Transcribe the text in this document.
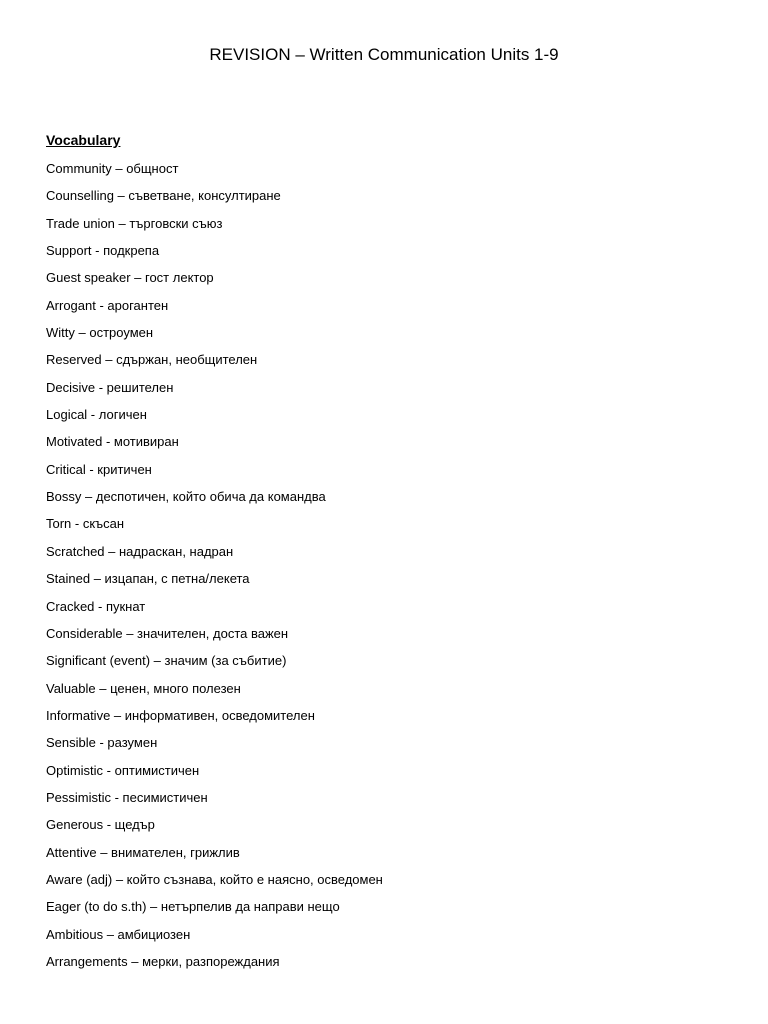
REVISION – Written Communication Units 1-9
Vocabulary
Community – общност
Counselling – съветване, консултиране
Trade union – търговски съюз
Support - подкрепа
Guest speaker – гост лектор
Arrogant - арогантен
Witty – остроумен
Reserved – сдържан, необщителен
Decisive - решителен
Logical - логичен
Motivated - мотивиран
Critical - критичен
Bossy – деспотичен, който обича да командва
Torn - скъсан
Scratched – надраскан, надран
Stained – изцапан, с петна/лекета
Cracked - пукнат
Considerable – значителен, доста важен
Significant (event) – значим (за събитие)
Valuable – ценен, много полезен
Informative – информативен, осведомителен
Sensible - разумен
Optimistic - оптимистичен
Pessimistic - песимистичен
Generous - щедър
Attentive – внимателен, грижлив
Aware (adj) – който съзнава, който е наясно, осведомен
Eager (to do s.th) – нетърпелив да направи нещо
Ambitious – амбициозен
Arrangements – мерки, разпореждания
